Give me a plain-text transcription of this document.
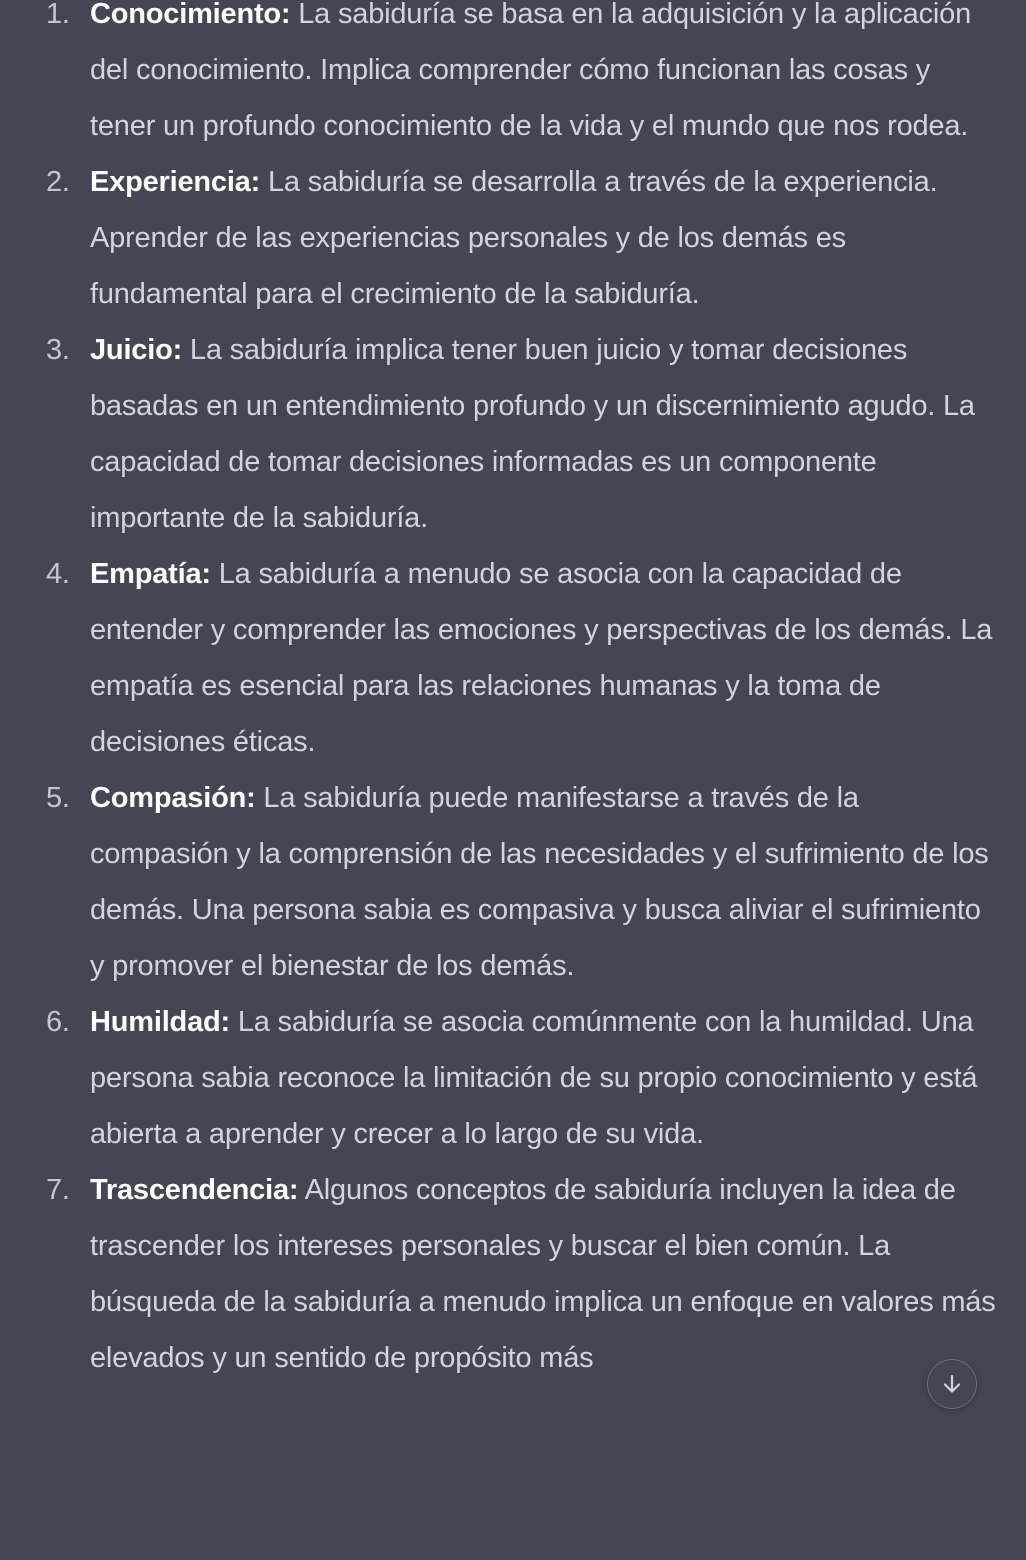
1. Conocimiento: La sabiduría se basa en la adquisición y la aplicación del conocimiento. Implica comprender cómo funcionan las cosas y tener un profundo conocimiento de la vida y el mundo que nos rodea.
2. Experiencia: La sabiduría se desarrolla a través de la experiencia. Aprender de las experiencias personales y de los demás es fundamental para el crecimiento de la sabiduría.
3. Juicio: La sabiduría implica tener buen juicio y tomar decisiones basadas en un entendimiento profundo y un discernimiento agudo. La capacidad de tomar decisiones informadas es un componente importante de la sabiduría.
4. Empatía: La sabiduría a menudo se asocia con la capacidad de entender y comprender las emociones y perspectivas de los demás. La empatía es esencial para las relaciones humanas y la toma de decisiones éticas.
5. Compasión: La sabiduría puede manifestarse a través de la compasión y la comprensión de las necesidades y el sufrimiento de los demás. Una persona sabia es compasiva y busca aliviar el sufrimiento y promover el bienestar de los demás.
6. Humildad: La sabiduría se asocia comúnmente con la humildad. Una persona sabia reconoce la limitación de su propio conocimiento y está abierta a aprender y crecer a lo largo de su vida.
7. Trascendencia: Algunos conceptos de sabiduría incluyen la idea de trascender los intereses personales y buscar el bien común. La búsqueda de la sabiduría a menudo implica un enfoque en valores más elevados y un sentido de propósito más
